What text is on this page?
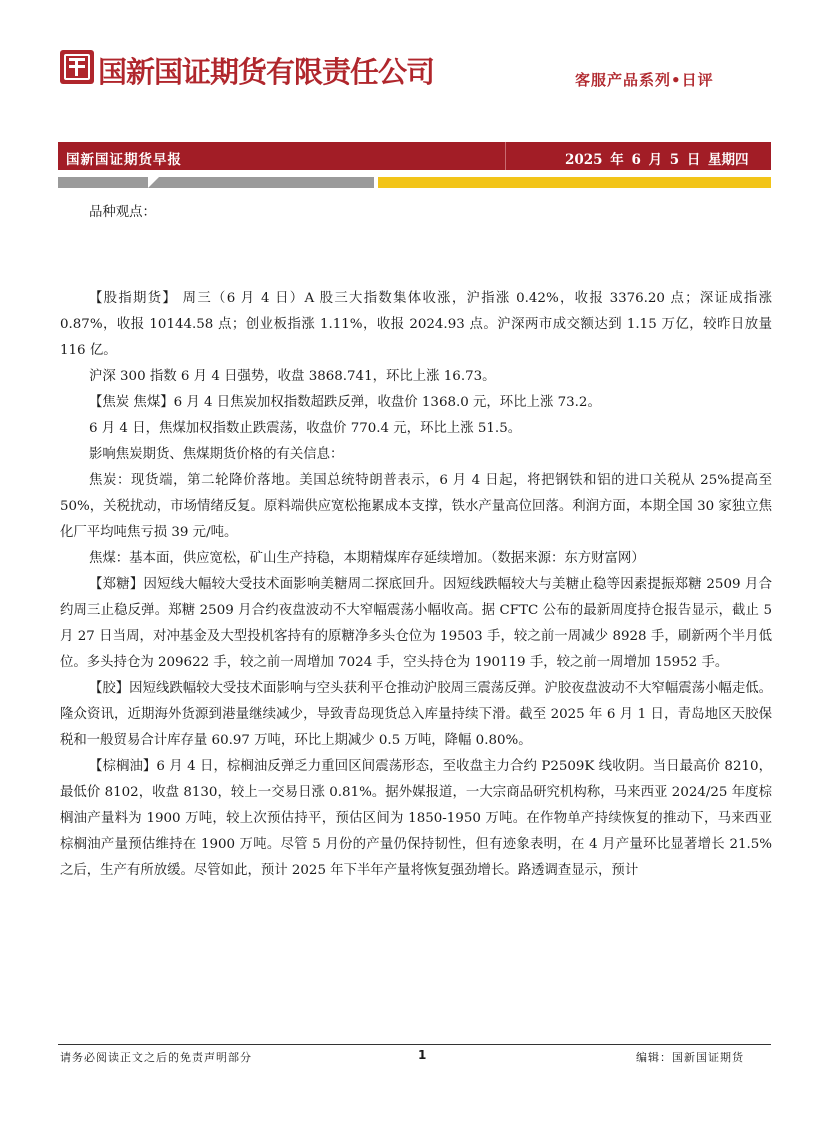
国新国证期货有限责任公司	客服产品系列•日评
国新国证期货早报	2025 年 6 月 5 日 星期四

品种观点：

【股指期货】 周三（6 月 4 日）A 股三大指数集体收涨，沪指涨 0.42%，收报 3376.20 点；深证成指涨 0.87%，收报 10144.58 点；创业板指涨 1.11%，收报 2024.93 点。沪深两市成交额达到 1.15 万亿，较昨日放量 116 亿。

沪深 300 指数 6 月 4 日强势，收盘 3868.741，环比上涨 16.73。

【焦炭 焦煤】6 月 4 日焦炭加权指数超跌反弹，收盘价 1368.0 元，环比上涨 73.2。

6 月 4 日，焦煤加权指数止跌震荡，收盘价 770.4 元，环比上涨 51.5。

影响焦炭期货、焦煤期货价格的有关信息：

焦炭：现货端，第二轮降价落地。美国总统特朗普表示，6 月 4 日起，将把钢铁和铝的进口关税从 25%提高至 50%，关税扰动，市场情绪反复。原料端供应宽松拖累成本支撑，铁水产量高位回落。利润方面，本期全国 30 家独立焦化厂平均吨焦亏损 39 元/吨。

焦煤：基本面，供应宽松，矿山生产持稳，本期精煤库存延续增加。（数据来源：东方财富网）

【郑糖】因短线大幅较大受技术面影响美糖周二探底回升。因短线跌幅较大与美糖止稳等因素提振郑糖 2509 月合约周三止稳反弹。郑糖 2509 月合约夜盘波动不大窄幅震荡小幅收高。据 CFTC 公布的最新周度持仓报告显示，截止 5 月 27 日当周，对冲基金及大型投机客持有的原糖净多头仓位为 19503 手，较之前一周减少 8928 手，刷新两个半月低位。多头持仓为 209622 手，较之前一周增加 7024 手，空头持仓为 190119 手，较之前一周增加 15952 手。

【胶】因短线跌幅较大受技术面影响与空头获利平仓推动沪胶周三震荡反弹。沪胶夜盘波动不大窄幅震荡小幅走低。隆众资讯，近期海外货源到港量继续减少，导致青岛现货总入库量持续下滑。截至 2025 年 6 月 1 日，青岛地区天胶保税和一般贸易合计库存量 60.97 万吨，环比上期减少 0.5 万吨，降幅 0.80%。

【棕榈油】6 月 4 日，棕榈油反弹乏力重回区间震荡形态，至收盘主力合约 P2509K 线收阴。当日最高价 8210，最低价 8102，收盘 8130，较上一交易日涨 0.81%。据外媒报道，一大宗商品研究机构称，马来西亚 2024/25 年度棕榈油产量料为 1900 万吨，较上次预估持平，预估区间为 1850-1950 万吨。在作物单产持续恢复的推动下，马来西亚棕榈油产量预估维持在 1900 万吨。尽管 5 月份的产量仍保持韧性，但有迹象表明，在 4 月产量环比显著增长 21.5%之后，生产有所放缓。尽管如此，预计 2025 年下半年产量将恢复强劲增长。路透调查显示，预计

请务必阅读正文之后的免责声明部分	1	编辑：国新国证期货
